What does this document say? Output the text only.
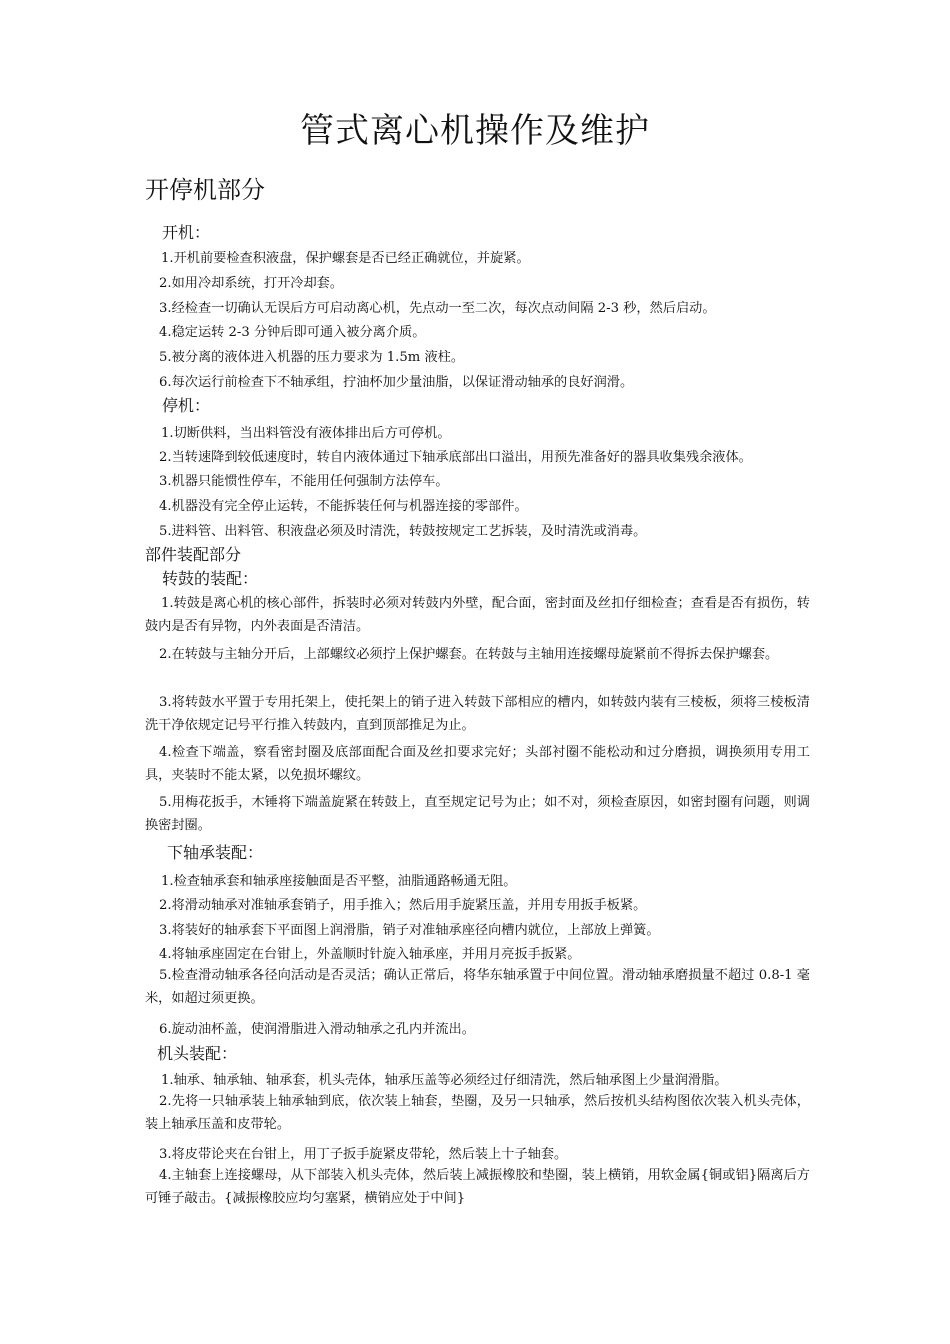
管式离心机操作及维护
开停机部分
开机：
1.开机前要检查积液盘，保护螺套是否已经正确就位，并旋紧。
2.如用冷却系统，打开冷却套。
3.经检查一切确认无误后方可启动离心机，先点动一至二次，每次点动间隔 2-3 秒，然后启动。
4.稳定运转 2-3 分钟后即可通入被分离介质。
5.被分离的液体进入机器的压力要求为 1.5m 液柱。
6.每次运行前检查下不轴承组，拧油杯加少量油脂，以保证滑动轴承的良好润滑。
停机：
1.切断供料，当出料管没有液体排出后方可停机。
2.当转速降到较低速度时，转自内液体通过下轴承底部出口溢出，用预先准备好的器具收集残余液体。
3.机器只能惯性停车，不能用任何强制方法停车。
4.机器没有完全停止运转，不能拆装任何与机器连接的零部件。
5.进料管、出料管、积液盘必须及时清洗，转鼓按规定工艺拆装，及时清洗或消毒。
部件装配部分
转鼓的装配：
1.转鼓是离心机的核心部件，拆装时必须对转鼓内外壁，配合面，密封面及丝扣仔细检查；查看是否有损伤，转鼓内是否有异物，内外表面是否清洁。
2.在转鼓与主轴分开后，上部螺纹必须拧上保护螺套。在转鼓与主轴用连接螺母旋紧前不得拆去保护螺套。
3.将转鼓水平置于专用托架上，使托架上的销子进入转鼓下部相应的槽内，如转鼓内装有三棱板，须将三棱板清洗干净依规定记号平行推入转鼓内，直到顶部推足为止。
4.检查下端盖，察看密封圈及底部面配合面及丝扣要求完好；头部衬圈不能松动和过分磨损，调换须用专用工具，夹装时不能太紧，以免损坏螺纹。
5.用梅花扳手，木锤将下端盖旋紧在转鼓上，直至规定记号为止；如不对，须检查原因，如密封圈有问题，则调换密封圈。
下轴承装配：
1.检查轴承套和轴承座接触面是否平整，油脂通路畅通无阻。
2.将滑动轴承对准轴承套销子，用手推入；然后用手旋紧压盖，并用专用扳手板紧。
3.将装好的轴承套下平面图上润滑脂，销子对准轴承座径向槽内就位，上部放上弹簧。
4.将轴承座固定在台钳上，外盖顺时针旋入轴承座，并用月亮扳手扳紧。
5.检查滑动轴承各径向活动是否灵活；确认正常后，将华东轴承置于中间位置。滑动轴承磨损量不超过 0.8-1 毫米，如超过须更换。
6.旋动油杯盖，使润滑脂进入滑动轴承之孔内并流出。
机头装配：
1.轴承、轴承轴、轴承套，机头壳体，轴承压盖等必须经过仔细清洗，然后轴承图上少量润滑脂。
2.先将一只轴承装上轴承轴到底，依次装上轴套，垫圈，及另一只轴承，然后按机头结构图依次装入机头壳体，装上轴承压盖和皮带轮。
3.将皮带论夹在台钳上，用丁子扳手旋紧皮带轮，然后装上十子轴套。
4.主轴套上连接螺母，从下部装入机头壳体，然后装上减振橡胶和垫圈，装上横销，用软金属{铜或铝}隔离后方可锤子敲击。{减振橡胶应均匀塞紧，横销应处于中间}
